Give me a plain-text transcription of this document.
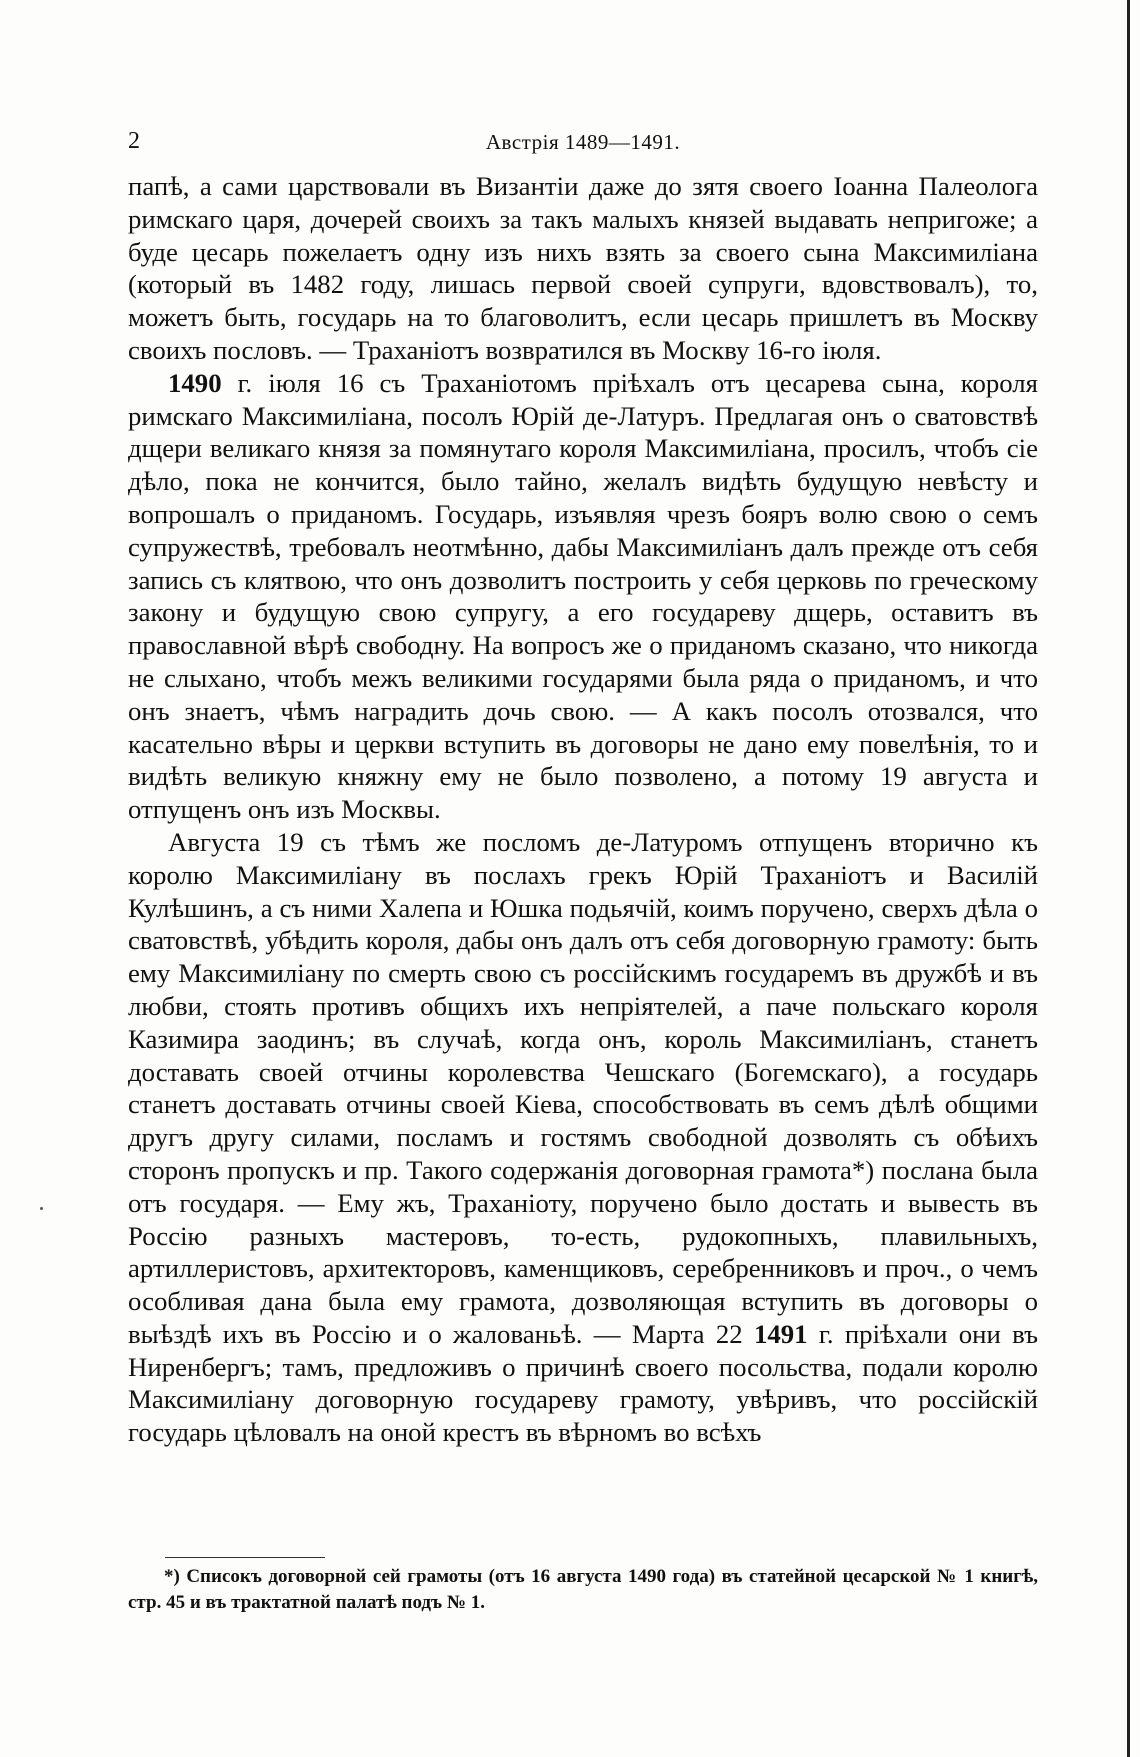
2	Австрія 1489—1491.

папѣ, а сами царствовали въ Византіи даже до зятя своего Іоанна Палеолога римскаго царя, дочерей своихъ за такъ малыхъ князей выдавать непригоже; а буде цесарь пожелаетъ одну изъ нихъ взять за своего сына Максимиліана (который въ 1482 году, лишась первой своей супруги, вдовствовалъ), то, можетъ быть, государь на то благоволитъ, если цесарь пришлетъ въ Москву своихъ пословъ. — Траханіотъ возвратился въ Москву 16-го іюля.

1490 г. іюля 16 съ Траханіотомъ пріѣхалъ отъ цесарева сына, короля римскаго Максимиліана, посолъ Юрій де-Латуръ. Предлагая онъ о сватовствѣ дщери великаго князя за помянутаго короля Максимиліана, просилъ, чтобъ сіе дѣло, пока не кончится, было тайно, желалъ видѣть будущую невѣсту и вопрошалъ о приданомъ. Государь, изъявляя чрезъ бояръ волю свою о семъ супружествѣ, требовалъ неотмѣнно, дабы Максимиліанъ далъ прежде отъ себя запись съ клятвою, что онъ дозволитъ построить у себя церковь по греческому закону и будущую свою супругу, а его государеву дщерь, оставитъ въ православной вѣрѣ свободну. На вопросъ же о приданомъ сказано, что никогда не слыхано, чтобъ межъ великими государями была ряда о приданомъ, и что онъ знаетъ, чѣмъ наградить дочь свою. — А какъ посолъ отозвался, что касательно вѣры и церкви вступить въ договоры не дано ему повелѣнія, то и видѣть великую княжну ему не было позволено, а потому 19 августа и отпущенъ онъ изъ Москвы.

Августа 19 съ тѣмъ же посломъ де-Латуромъ отпущенъ вторично къ королю Максимиліану въ послахъ грекъ Юрій Траханіотъ и Василій Кулѣшинъ, а съ ними Халепа и Юшка подьячій, коимъ поручено, сверхъ дѣла о сватовствѣ, убѣдить короля, дабы онъ далъ отъ себя договорную грамоту: быть ему Максимиліану по смерть свою съ россійскимъ государемъ въ дружбѣ и въ любви, стоять противъ общихъ ихъ непріятелей, а паче польскаго короля Казимира заодинъ; въ случаѣ, когда онъ, король Максимиліанъ, станетъ доставать своей отчины королевства Чешскаго (Богемскаго), а государь станетъ доставать отчины своей Кіева, способствовать въ семъ дѣлѣ общими другъ другу силами, посламъ и гостямъ свободной дозволять съ обѣихъ сторонъ пропускъ и пр. Такого содержанія договорная грамота*) послана была отъ государя. — Ему жъ, Траханіоту, поручено было достать и вывесть въ Россію разныхъ мастеровъ, то-есть, рудокопныхъ, плавильныхъ, артиллеристовъ, архитекторовъ, каменщиковъ, серебренниковъ и проч., о чемъ особливая дана была ему грамота, дозволяющая вступить въ договоры о выѣздѣ ихъ въ Россію и о жалованьѣ. — Марта 22 1491 г. пріѣхали они въ Ниренбергъ; тамъ, предложивъ о причинѣ своего посольства, подали королю Максимиліану договорную государеву грамоту, увѣривъ, что россійскій государь цѣловалъ на оной крестъ въ вѣрномъ во всѣхъ

*) Списокъ договорной сей грамоты (отъ 16 августа 1490 года) въ статейной цесарской № 1 книгѣ, стр. 45 и въ трактатной палатѣ подъ № 1.
